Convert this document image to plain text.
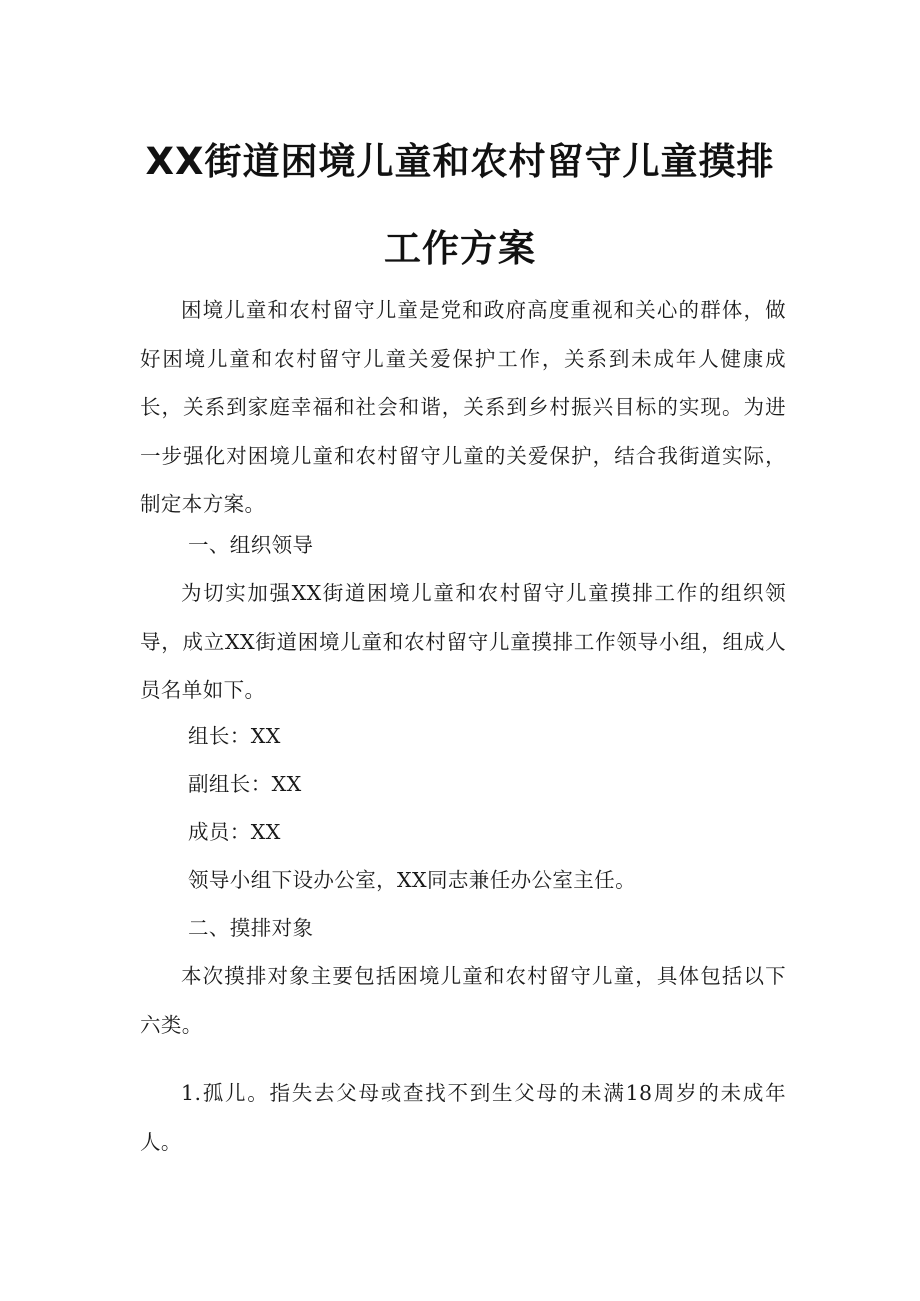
XX街道困境儿童和农村留守儿童摸排
工作方案

困境儿童和农村留守儿童是党和政府高度重视和关心的群体，做好困境儿童和农村留守儿童关爱保护工作，关系到未成年人健康成长，关系到家庭幸福和社会和谐，关系到乡村振兴目标的实现。为进一步强化对困境儿童和农村留守儿童的关爱保护，结合我街道实际，制定本方案。

一、组织领导

为切实加强XX街道困境儿童和农村留守儿童摸排工作的组织领导，成立XX街道困境儿童和农村留守儿童摸排工作领导小组，组成人员名单如下。

组长：XX

副组长：XX

成员：XX

领导小组下设办公室，XX同志兼任办公室主任。

二、摸排对象

本次摸排对象主要包括困境儿童和农村留守儿童，具体包括以下六类。

1.孤儿。指失去父母或查找不到生父母的未满18周岁的未成年人。
